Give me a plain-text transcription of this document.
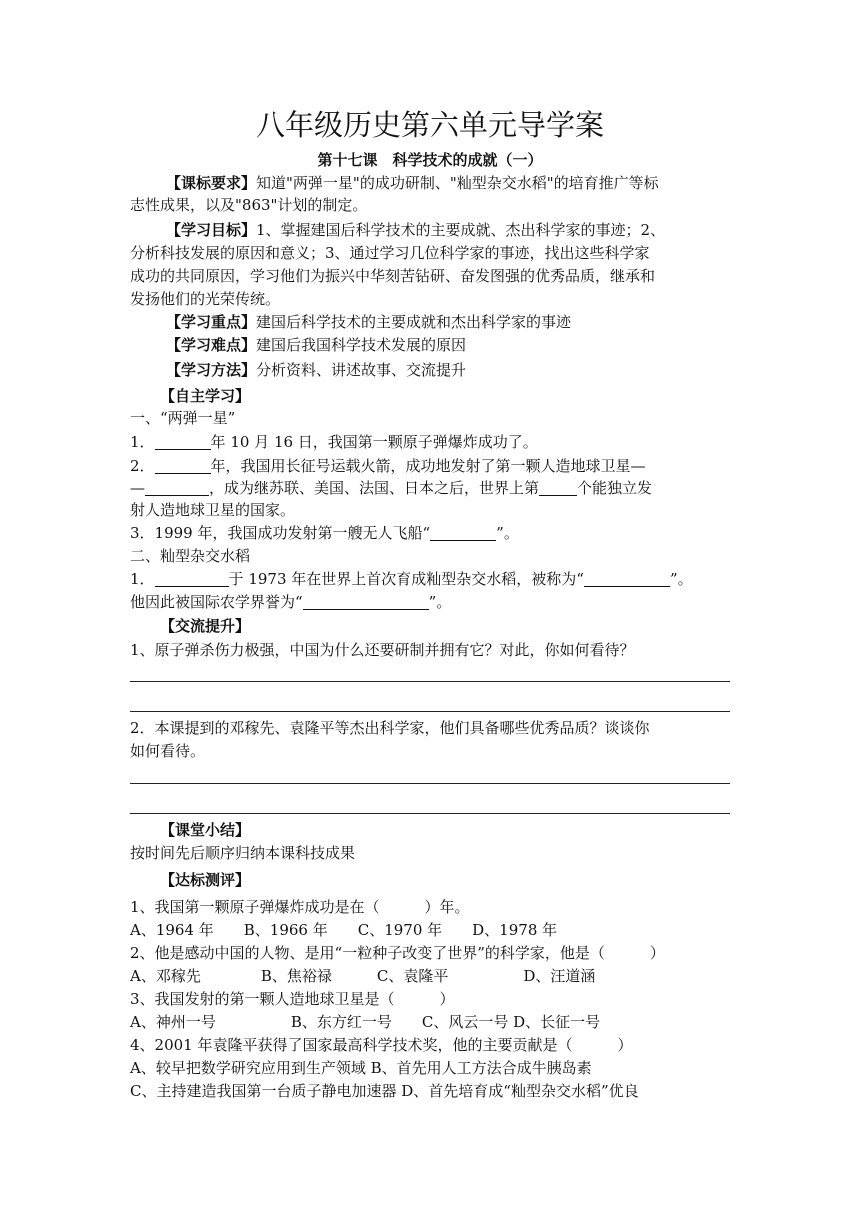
八年级历史第六单元导学案
第十七课　科学技术的成就（一）
【课标要求】知道"两弹一星"的成功研制、"籼型杂交水稻"的培育推广等标
志性成果，以及"863"计划的制定。
【学习目标】1、掌握建国后科学技术的主要成就、杰出科学家的事迹；2、
分析科技发展的原因和意义；3、通过学习几位科学家的事迹，找出这些科学家
成功的共同原因，学习他们为振兴中华刻苦钻研、奋发图强的优秀品质，继承和
发扬他们的光荣传统。
【学习重点】建国后科学技术的主要成就和杰出科学家的事迹
【学习难点】建国后我国科学技术发展的原因
【学习方法】分析资料、讲述故事、交流提升
【自主学习】
一、“两弹一星”
1．	年 10 月 16 日，我国第一颗原子弹爆炸成功了。
2．	年，我国用长征号运载火箭，成功地发射了第一颗人造地球卫星—
—	，成为继苏联、美国、法国、日本之后，世界上第	个能独立发
射人造地球卫星的国家。
3．1999 年，我国成功发射第一艘无人飞船“	”。
二、籼型杂交水稻
1．	于 1973 年在世界上首次育成籼型杂交水稻，被称为“	”。
他因此被国际农学界誉为“	”。
【交流提升】
1、原子弹杀伤力极强，中国为什么还要研制并拥有它？对此，你如何看待？
2．本课提到的邓稼先、袁隆平等杰出科学家，他们具备哪些优秀品质？谈谈你
如何看待。
【课堂小结】
按时间先后顺序归纳本课科技成果
【达标测评】
1、我国第一颗原子弹爆炸成功是在（　　　）年。
A、1964 年　　B、1966 年　　C、1970 年　　D、1978 年
2、他是感动中国的人物、是用“一粒种子改变了世界”的科学家，他是（　　　）
A、邓稼先　　　　B、焦裕禄　　　C、袁隆平　　　　　D、汪道涵
3、我国发射的第一颗人造地球卫星是（　　　）
A、神州一号　　　　　B、东方红一号　　C、风云一号 D、长征一号
4、2001 年袁隆平获得了国家最高科学技术奖，他的主要贡献是（　　　）
A、较早把数学研究应用到生产领域 B、首先用人工方法合成牛胰岛素
C、主持建造我国第一台质子静电加速器 D、首先培育成“籼型杂交水稻”优良
